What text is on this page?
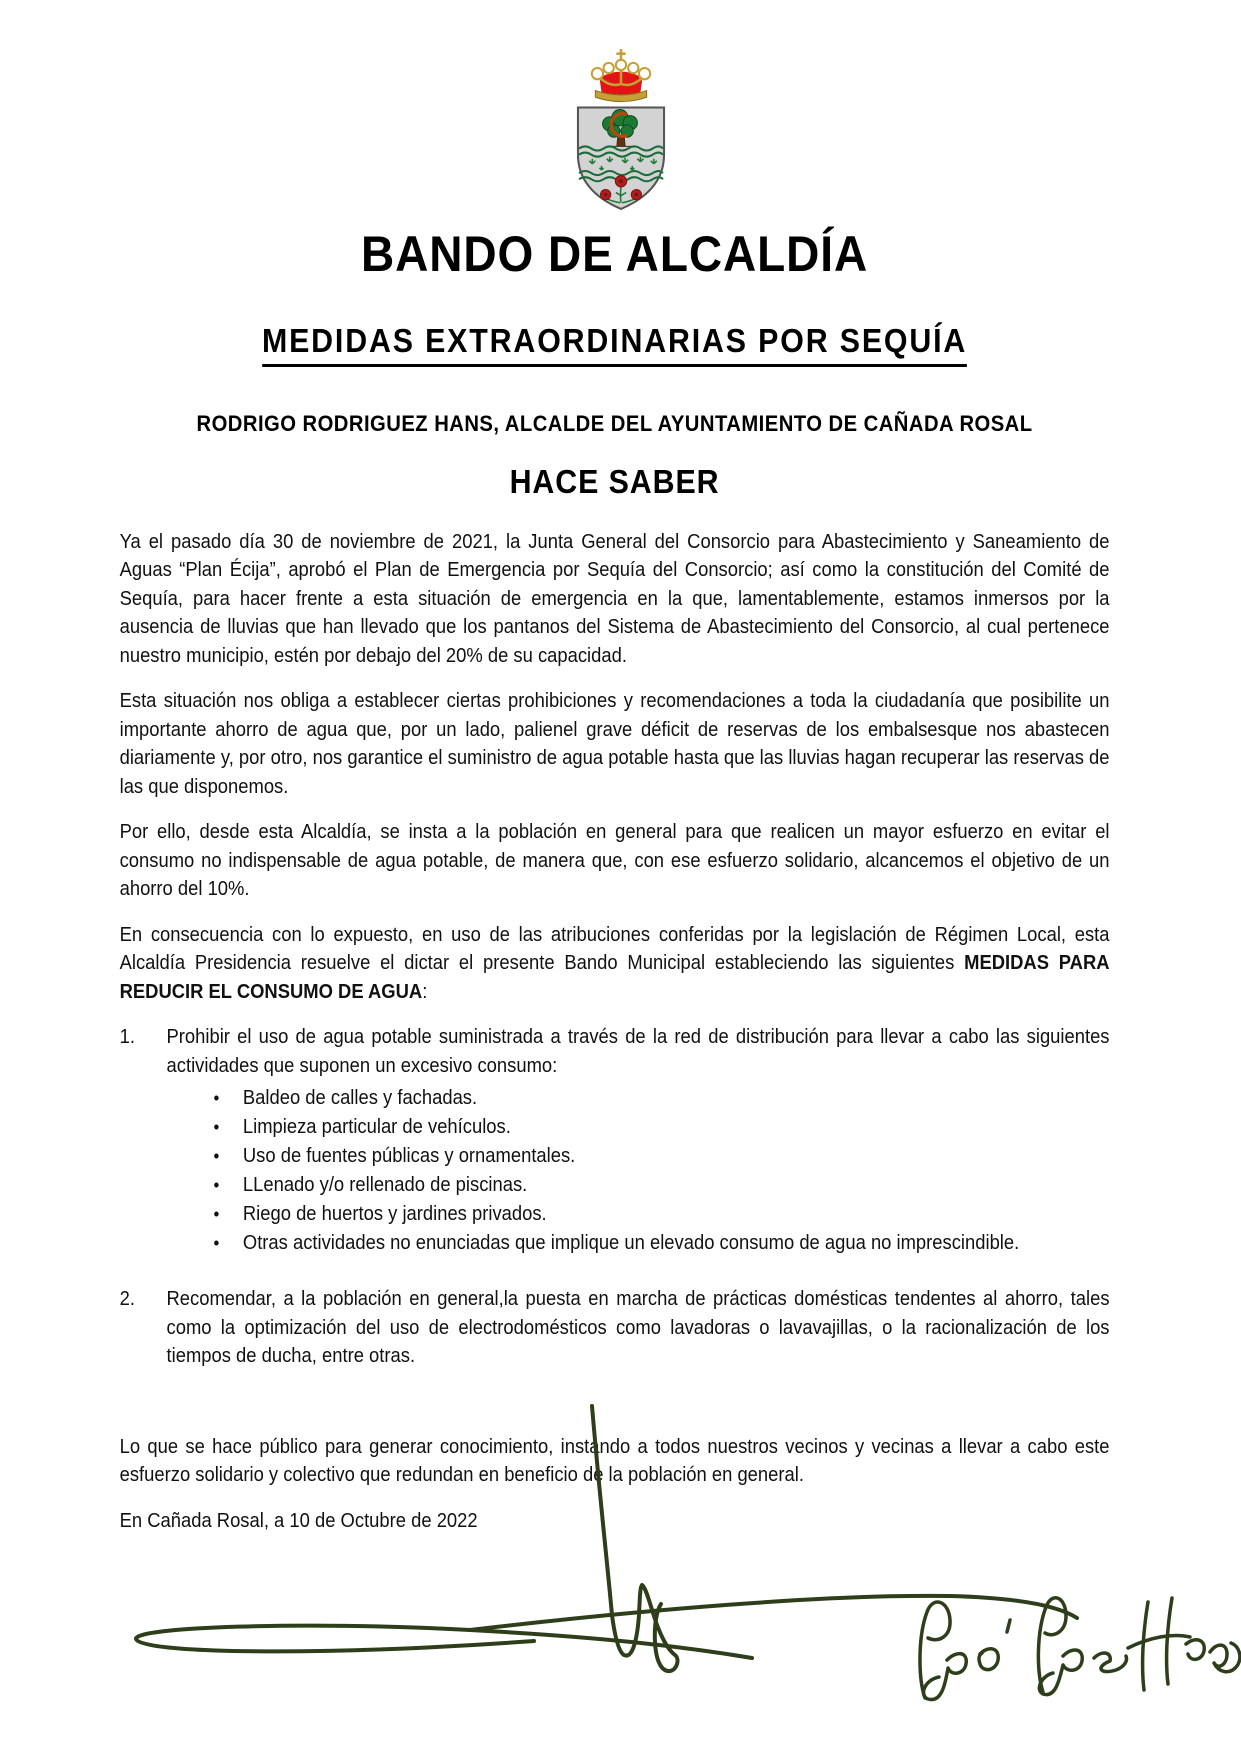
BANDO DE ALCALDÍA
MEDIDAS EXTRAORDINARIAS POR SEQUÍA
RODRIGO RODRIGUEZ HANS, ALCALDE DEL AYUNTAMIENTO DE CAÑADA ROSAL
HACE SABER

Ya el pasado día 30 de noviembre de 2021, la Junta General del Consorcio para Abastecimiento y Saneamiento de Aguas “Plan Écija”, aprobó el Plan de Emergencia por Sequía del Consorcio; así como la constitución del Comité de Sequía, para hacer frente a esta situación de emergencia en la que, lamentablemente, estamos inmersos por la ausencia de lluvias que han llevado que los pantanos del Sistema de Abastecimiento del Consorcio, al cual pertenece nuestro municipio, estén por debajo del 20% de su capacidad.

Esta situación nos obliga a establecer ciertas prohibiciones y recomendaciones a toda la ciudadanía que posibilite un importante ahorro de agua que, por un lado, palienel grave déficit de reservas de los embalsesque nos abastecen diariamente y, por otro, nos garantice el suministro de agua potable hasta que las lluvias hagan recuperar las reservas de las que disponemos.

Por ello, desde esta Alcaldía, se insta a la población en general para que realicen un mayor esfuerzo en evitar el consumo no indispensable de agua potable, de manera que, con ese esfuerzo solidario, alcancemos el objetivo de un ahorro del 10%.

En consecuencia con lo expuesto, en uso de las atribuciones conferidas por la legislación de Régimen Local, esta Alcaldía Presidencia resuelve el dictar el presente Bando Municipal estableciendo las siguientes MEDIDAS PARA REDUCIR EL CONSUMO DE AGUA:

1. Prohibir el uso de agua potable suministrada a través de la red de distribución para llevar a cabo las siguientes actividades que suponen un excesivo consumo:
• Baldeo de calles y fachadas.
• Limpieza particular de vehículos.
• Uso de fuentes públicas y ornamentales.
• LLenado y/o rellenado de piscinas.
• Riego de huertos y jardines privados.
• Otras actividades no enunciadas que implique un elevado consumo de agua no imprescindible.
2. Recomendar, a la población en general,la puesta en marcha de prácticas domésticas tendentes al ahorro, tales como la optimización del uso de electrodomésticos como lavadoras o lavavajillas, o la racionalización de los tiempos de ducha, entre otras.

Lo que se hace público para generar conocimiento, instando a todos nuestros vecinos y vecinas a llevar a cabo este esfuerzo solidario y colectivo que redundan en beneficio de la población en general.

En Cañada Rosal, a 10 de Octubre de 2022
